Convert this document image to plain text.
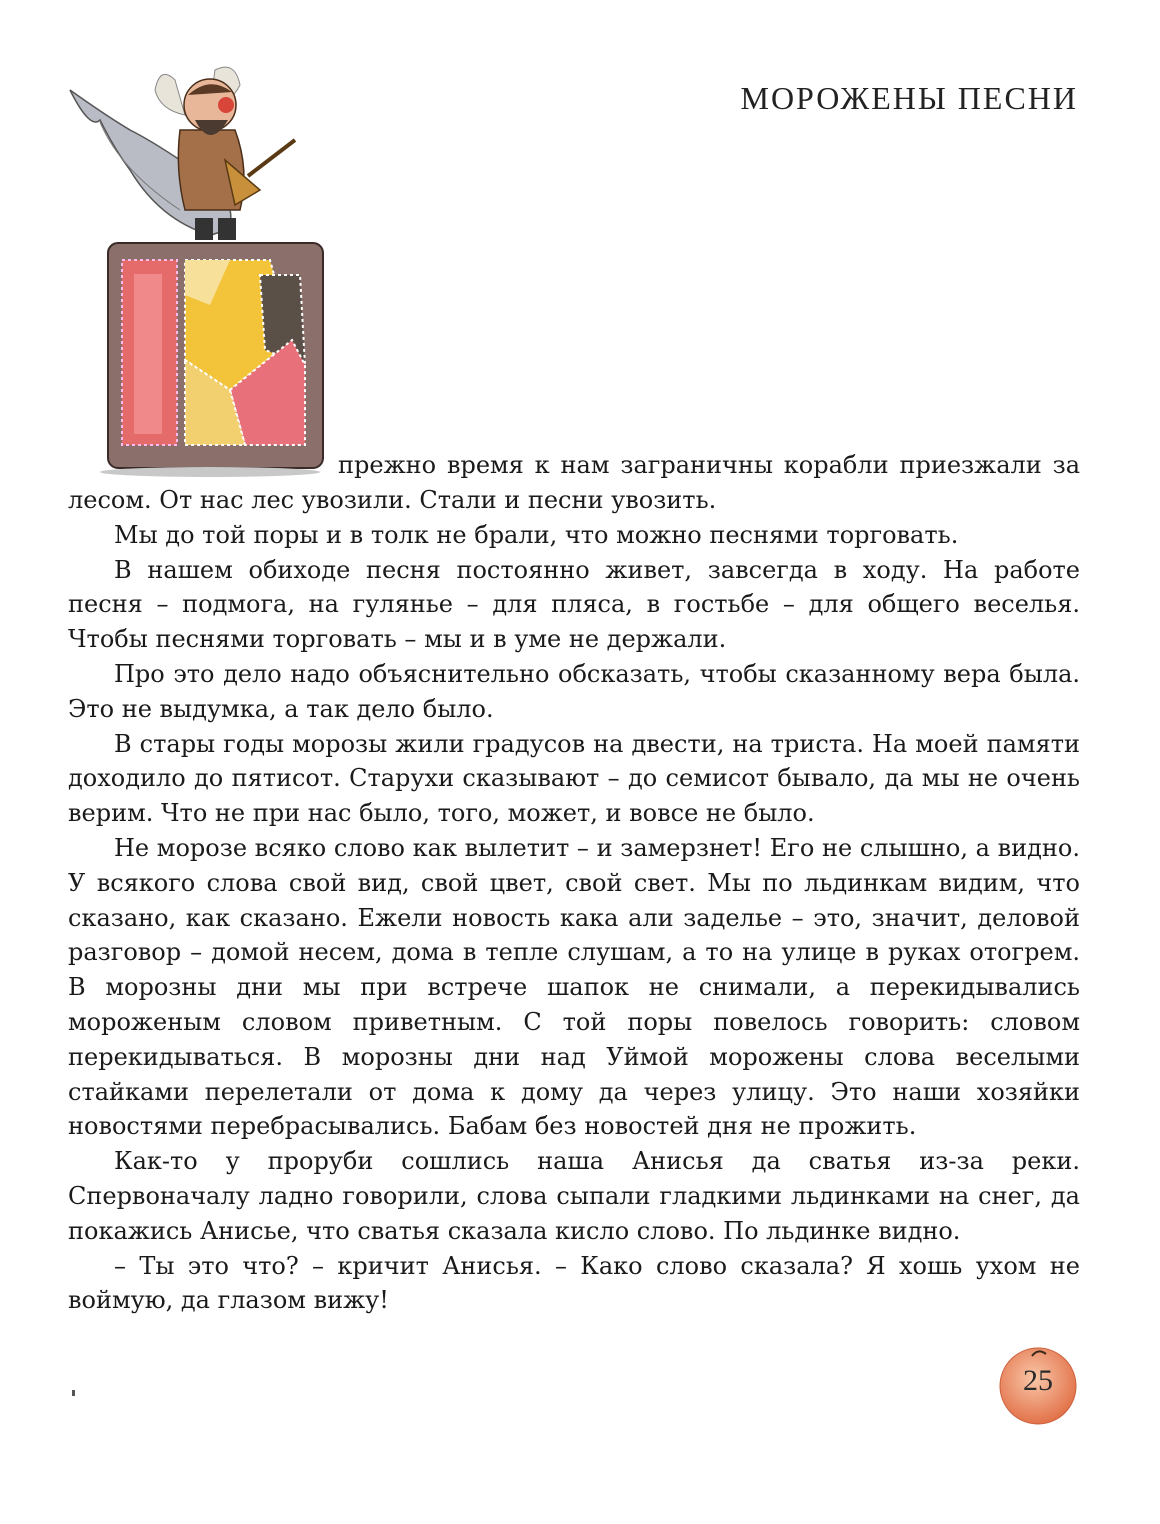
МОРОЖЕНЫ ПЕСНИ
прежно время к нам заграничны корабли приезжали за

лесом. От нас лес увозили. Стали и песни увозить.

Мы до той поры и в толк не брали, что можно песнями торговать.

В нашем обиходе песня постоянно живет, завсегда в ходу. На работе песня – подмога, на гулянье – для пляса, в гостьбе – для общего веселья. Чтобы песнями торговать – мы и в уме не держали.

Про это дело надо объяснительно обсказать, чтобы сказанному вера была. Это не выдумка, а так дело было.

В стары годы морозы жили градусов на двести, на триста. На моей памяти доходило до пятисот. Старухи сказывают – до семисот бывало, да мы не очень верим. Что не при нас было, того, может, и вовсе не было.

Не морозе всяко слово как вылетит – и замерзнет! Его не слышно, а видно. У всякого слова свой вид, свой цвет, свой свет. Мы по льдинкам видим, что сказано, как сказано. Ежели новость кака али заделье – это, значит, деловой разговор – домой несем, дома в тепле слушам, а то на улице в руках отогрем. В морозны дни мы при встрече шапок не снимали, а перекидывались мороженым словом приветным. С той поры повелось говорить: словом перекидываться. В морозны дни над Уймой морожены слова веселыми стайками перелетали от дома к дому да через улицу. Это наши хозяйки новостями перебрасывались. Бабам без новостей дня не прожить.

Как-то у проруби сошлись наша Анисья да сватья из-за реки. Спервоначалу ладно говорили, слова сыпали гладкими льдинками на снег, да покажись Анисье, что сватья сказала кисло слово. По льдинке видно.

– Ты это что? – кричит Анисья. – Како слово сказала? Я хошь ухом не воймую, да глазом вижу!

25
